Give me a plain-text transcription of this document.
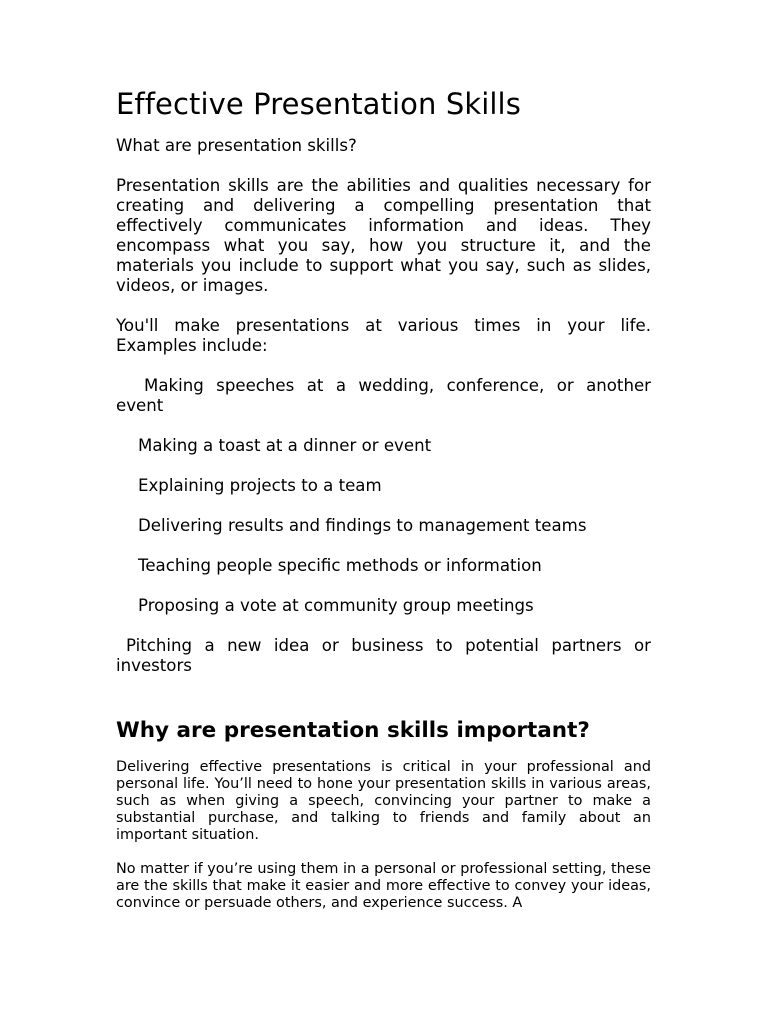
Effective Presentation Skills

What are presentation skills?

Presentation skills are the abilities and qualities necessary for creating and delivering a compelling presentation that effectively communicates information and ideas. They encompass what you say, how you structure it, and the materials you include to support what you say, such as slides, videos, or images.

You'll make presentations at various times in your life. Examples include:

Making speeches at a wedding, conference, or another event

Making a toast at a dinner or event

Explaining projects to a team

Delivering results and findings to management teams

Teaching people specific methods or information

Proposing a vote at community group meetings

Pitching a new idea or business to potential partners or investors

Why are presentation skills important?

Delivering effective presentations is critical in your professional and personal life. You’ll need to hone your presentation skills in various areas, such as when giving a speech, convincing your partner to make a substantial purchase, and talking to friends and family about an important situation.

No matter if you’re using them in a personal or professional setting, these are the skills that make it easier and more effective to convey your ideas, convince or persuade others, and experience success. A
